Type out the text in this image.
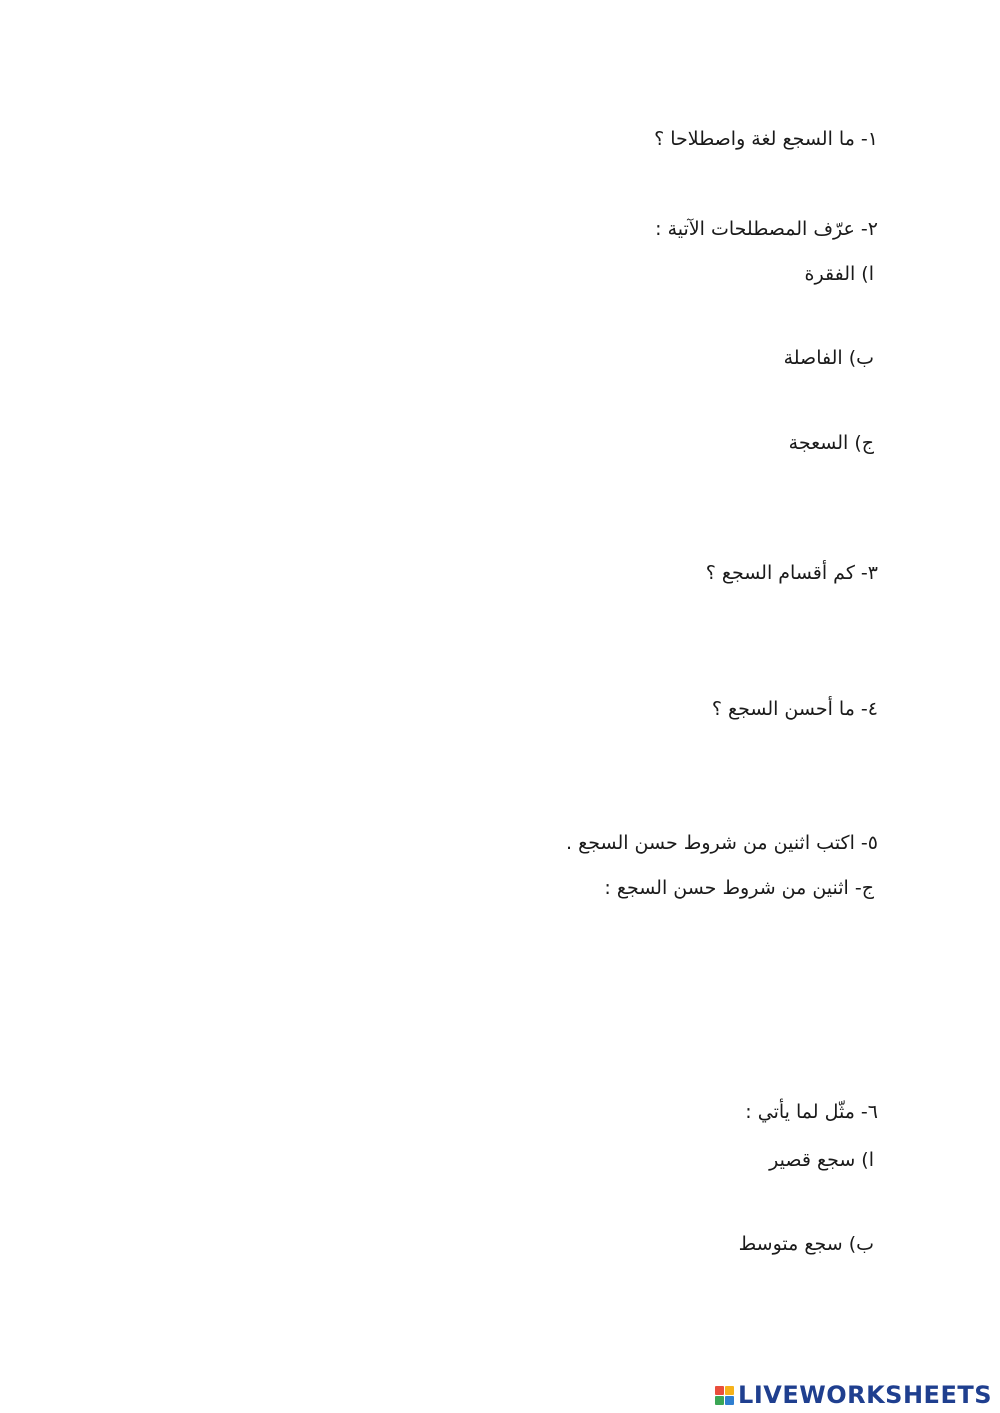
١- ما السجع لغة واصطلاحا ؟
٢- عرّف المصطلحات الآتية :
ا) الفقرة
ب) الفاصلة
ج) السعجة
٣- كم أقسام السجع ؟
٤- ما أحسن السجع ؟
٥- اكتب اثنين من شروط حسن السجع .
ج- اثنين من شروط حسن السجع :
٦- مثّل لما يأتي :
ا) سجع قصير
ب) سجع متوسط
LIVEWORKSHEETS
